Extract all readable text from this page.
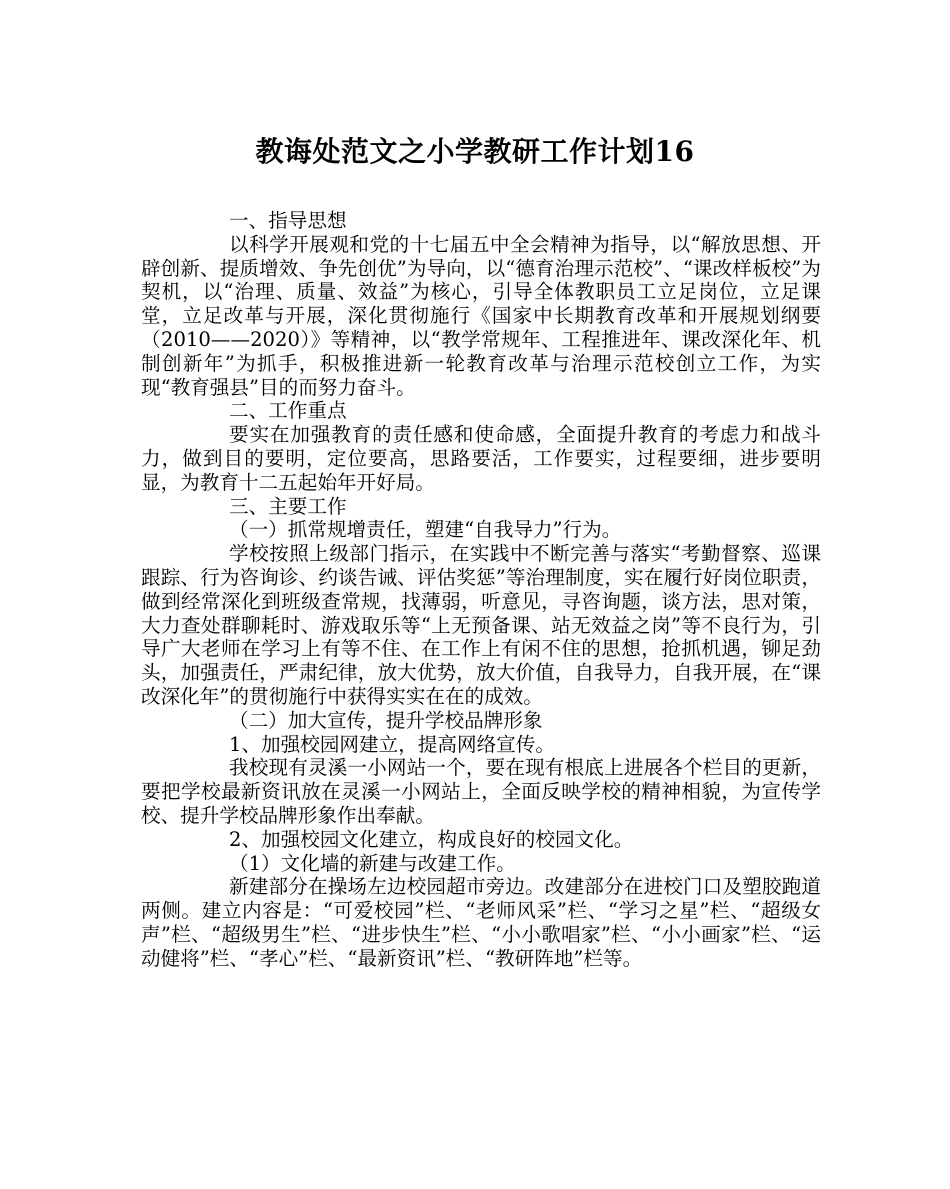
教诲处范文之小学教研工作计划16

一、指导思想

以科学开展观和党的十七届五中全会精神为指导，以“解放思想、开辟创新、提质增效、争先创优”为导向，以“德育治理示范校”、“课改样板校”为契机，以“治理、质量、效益”为核心，引导全体教职员工立足岗位，立足课堂，立足改革与开展，深化贯彻施行《国家中长期教育改革和开展规划纲要（2010——2020）》等精神，以“教学常规年、工程推进年、课改深化年、机制创新年”为抓手，积极推进新一轮教育改革与治理示范校创立工作，为实现“教育强县”目的而努力奋斗。

二、工作重点

要实在加强教育的责任感和使命感，全面提升教育的考虑力和战斗力，做到目的要明，定位要高，思路要活，工作要实，过程要细，进步要明显，为教育十二五起始年开好局。

三、主要工作

（一）抓常规增责任，塑建“自我导力”行为。

学校按照上级部门指示，在实践中不断完善与落实“考勤督察、巡课跟踪、行为咨询诊、约谈告诫、评估奖惩”等治理制度，实在履行好岗位职责，做到经常深化到班级查常规，找薄弱，听意见，寻咨询题，谈方法，思对策，大力查处群聊耗时、游戏取乐等“上无预备课、站无效益之岗”等不良行为，引导广大老师在学习上有等不住、在工作上有闲不住的思想，抢抓机遇，铆足劲头，加强责任，严肃纪律，放大优势，放大价值，自我导力，自我开展，在“课改深化年”的贯彻施行中获得实实在在的成效。

（二）加大宣传，提升学校品牌形象

1、加强校园网建立，提高网络宣传。

我校现有灵溪一小网站一个，要在现有根底上进展各个栏目的更新，要把学校最新资讯放在灵溪一小网站上，全面反映学校的精神相貌，为宣传学校、提升学校品牌形象作出奉献。

2、加强校园文化建立，构成良好的校园文化。

（1）文化墙的新建与改建工作。

新建部分在操场左边校园超市旁边。改建部分在进校门口及塑胶跑道两侧。建立内容是：“可爱校园”栏、“老师风采”栏、“学习之星”栏、“超级女声”栏、“超级男生”栏、“进步快生”栏、“小小歌唱家”栏、“小小画家”栏、“运动健将”栏、“孝心”栏、“最新资讯”栏、“教研阵地”栏等。
